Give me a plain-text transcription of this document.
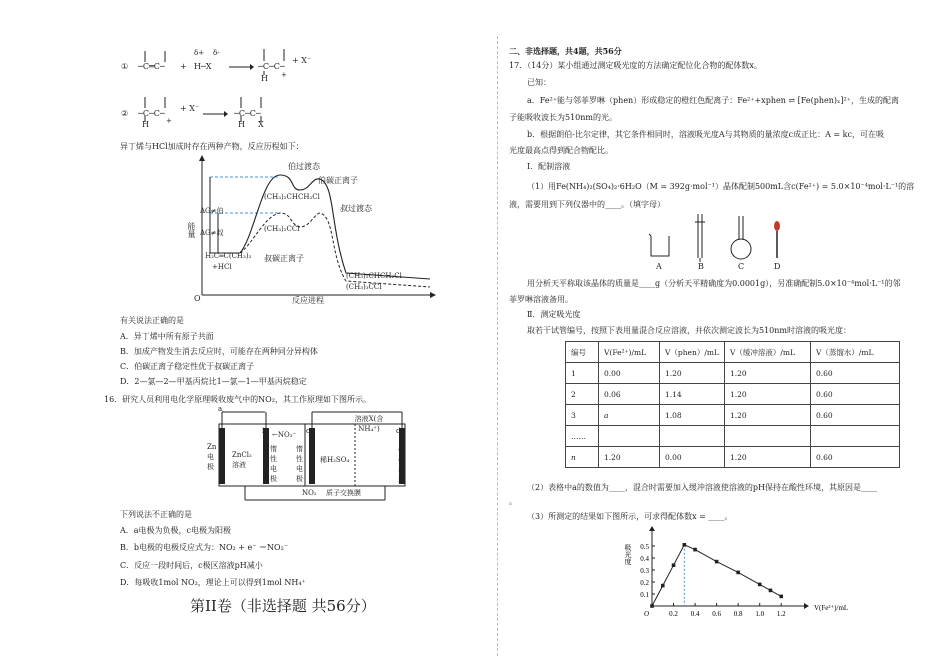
① ─C═C─ +
δ+ δ-
H─X	─C─C─
+
H
+ X⁻
② ─C─C─
+
H
+ X⁻
─C─C─
H X
异丁烯与HCl加成时存在两种产物，反应历程如下：
能量
O	反应进程
ΔG≠伯
ΔG≠叔
伯过渡态
伯碳正离子
(CH₃)₂CHCH₂Cl
叔过渡态
(CH₃)₂CCl
叔碳正离子
H₂C═C(CH₃)₂
+HCl
(CH₃)₂CHCH₂Cl
(CH₃)₃CCl
有关说法正确的是
A．异丁烯中所有原子共面
B．加成产物发生消去反应时，可能存在两种同分异构体
C．伯碳正离子稳定性优于叔碳正离子
D．2—氯—2—甲基丙烷比1—氯—1—甲基丙烷稳定
16．研究人员利用电化学原理吸收废气中的NO₂，其工作原理如下图所示。
a
b	c	d
Zn电极
ZnCl₂溶液
惰性电极
惰性电极
惰性电极
←NO₃⁻
稀H₂SO₄
溶液X(含NH₄⁺)
NO₂ 质子交换膜
下列说法不正确的是
A．a电极为负极，c电极为阳极
B．b电极的电极反应式为：NO₂ + e⁻ ＝NO₂⁻
C．反应一段时间后，c极区溶液pH减小
D．每吸收1mol NO₂，理论上可以得到1mol NH₄⁺
第II卷（非选择题 共56分）
二、非选择题，共4题，共56分
17．（14分）某小组通过测定吸光度的方法确定配位化合物的配体数x。
已知：
a．Fe²⁺能与邻菲罗啉（phen）形成稳定的橙红色配离子：Fe²⁺+xphen ⇌ [Fe(phen)ₓ]²⁺，生成的配离
子能吸收波长为510nm的光。
b．根据朗伯-比尔定律，其它条件相同时，溶液吸光度A与其物质的量浓度c成正比：A = kc，可在吸
光度最高点得到配合物配比。
Ⅰ．配制溶液
（1）用Fe(NH₄)₂(SO₄)₂·6H₂O（M = 392g·mol⁻¹）晶体配制500mL含c(Fe²⁺) = 5.0×10⁻⁴mol·L⁻¹的溶
液，需要用到下列仪器中的____。（填字母）
A	B	C	D
用分析天平称取该晶体的质量是____g（分析天平精确度为0.0001g），另准确配制5.0×10⁻⁴mol·L⁻¹的邻
菲罗啉溶液备用。
Ⅱ．测定吸光度
取若干试管编号，按照下表用量混合反应溶液，并依次测定波长为510nm时溶液的吸光度：
编号	V(Fe²⁺)/mL	V（phen）/mL	V（缓冲溶液）/mL	V（蒸馏水）/mL
1	0.00	1.20	1.20	0.60
2	0.06	1.14	1.20	0.60
3	a	1.08	1.20	0.60
……				
n	1.20	0.00	1.20	0.60
（2）表格中a的数值为____，混合时需要加入缓冲溶液使溶液的pH保持在酸性环境，其原因是____
。
（3）所测定的结果如下图所示，可求得配体数x = ____。
0.1
0.2
0.3
0.4
0.5
0.2 0.4 0.6 0.8 1.0 1.2
O
V(Fe²⁺)/mL
吸光度
